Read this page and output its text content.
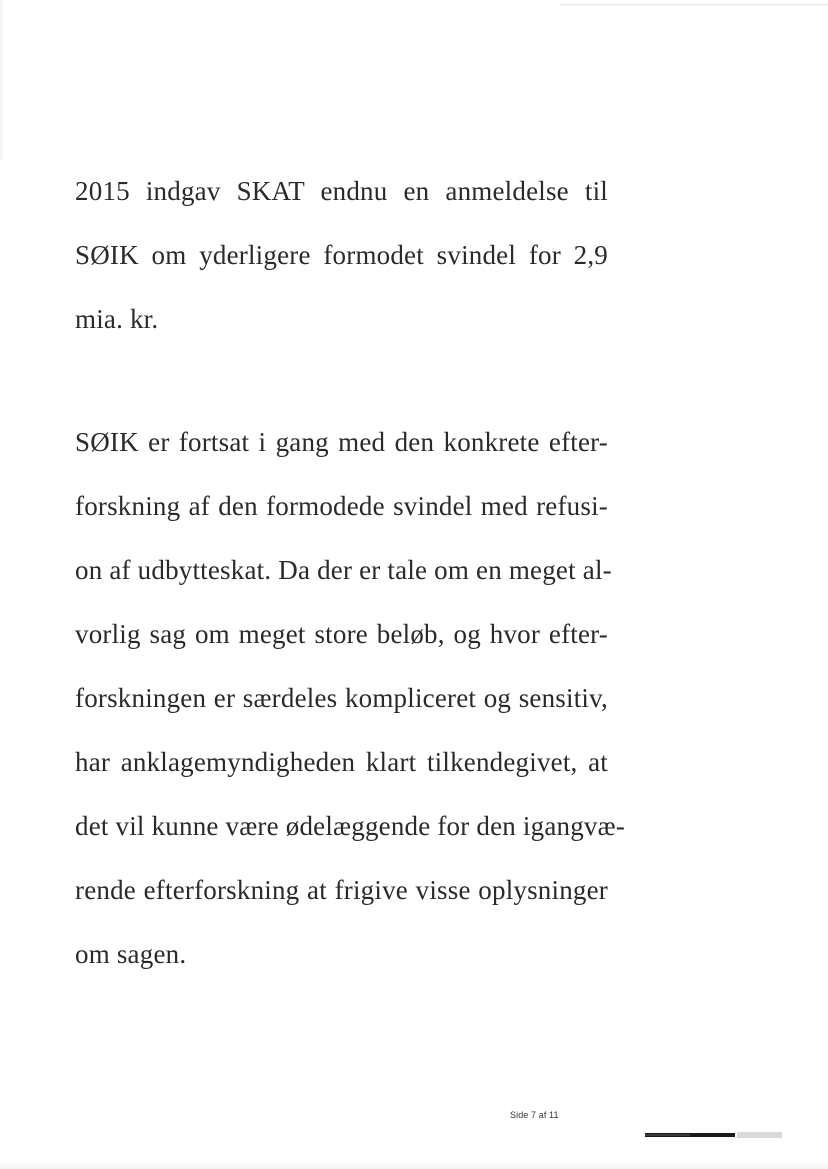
2015 indgav SKAT endnu en anmeldelse til
SØIK om yderligere formodet svindel for 2,9
mia. kr.
SØIK er fortsat i gang med den konkrete efter-
forskning af den formodede svindel med refusi-
on af udbytteskat. Da der er tale om en meget al-
vorlig sag om meget store beløb, og hvor efter-
forskningen er særdeles kompliceret og sensitiv,
har anklagemyndigheden klart tilkendegivet, at
det vil kunne være ødelæggende for den igangvæ-
rende efterforskning at frigive visse oplysninger
om sagen.
Side 7 af 11
